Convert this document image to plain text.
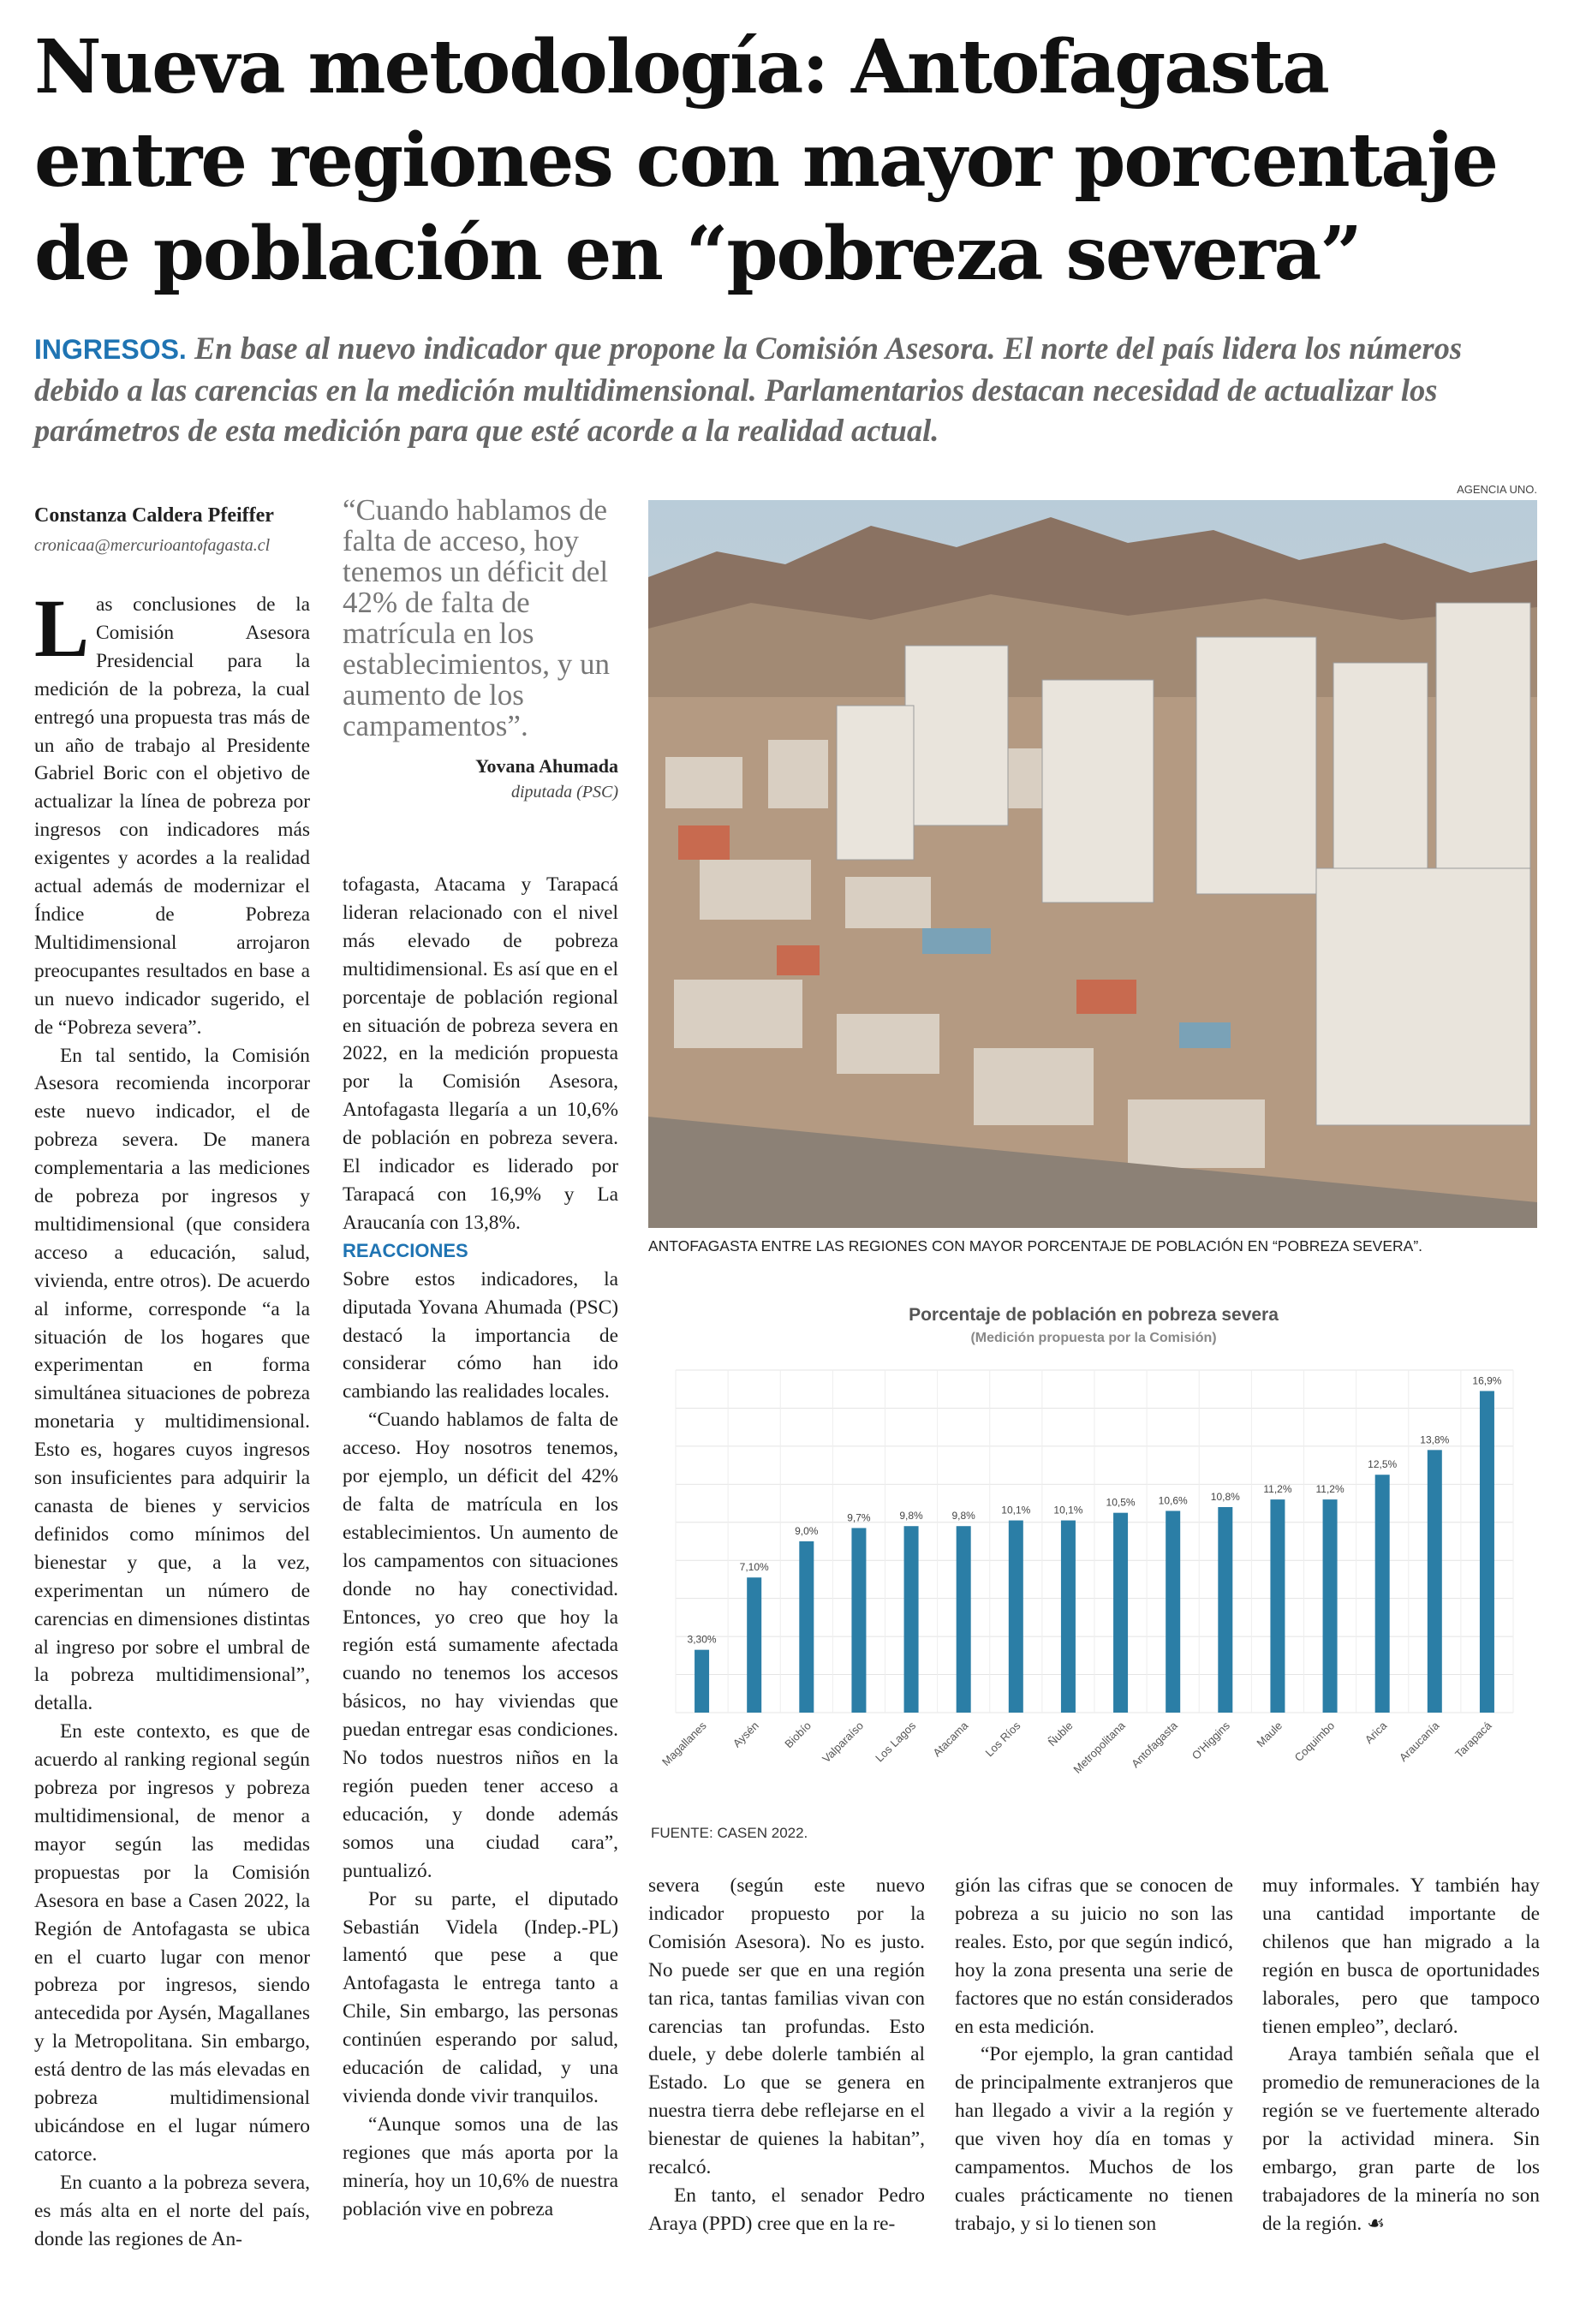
Nueva metodología: Antofagasta entre regiones con mayor porcentaje de población en “pobreza severa”

INGRESOS. En base al nuevo indicador que propone la Comisión Asesora. El norte del país lidera los números debido a las carencias en la medición multidimensional. Parlamentarios destacan necesidad de actualizar los parámetros de esta medición para que esté acorde a la realidad actual.

Constanza Caldera Pfeiffer
cronicaa@mercurioantofagasta.cl

Las conclusiones de la Comisión Asesora Presidencial para la medición de la pobreza, la cual entregó una propuesta tras más de un año de trabajo al Presidente Gabriel Boric con el objetivo de actualizar la línea de pobreza por ingresos con indicadores más exigentes y acordes a la realidad actual además de modernizar el Índice de Pobreza Multidimensional arrojaron preocupantes resultados en base a un nuevo indicador sugerido, el de “Pobreza severa”.

En tal sentido, la Comisión Asesora recomienda incorporar este nuevo indicador, el de pobreza severa. De manera complementaria a las mediciones de pobreza por ingresos y multidimensional (que considera acceso a educación, salud, vivienda, entre otros). De acuerdo al informe, corresponde “a la situación de los hogares que experimentan en forma simultánea situaciones de pobreza monetaria y multidimensional. Esto es, hogares cuyos ingresos son insuficientes para adquirir la canasta de bienes y servicios definidos como mínimos del bienestar y que, a la vez, experimentan un número de carencias en dimensiones distintas al ingreso por sobre el umbral de la pobreza multidimensional”, detalla.

En este contexto, es que de acuerdo al ranking regional según pobreza por ingresos y pobreza multidimensional, de menor a mayor según las medidas propuestas por la Comisión Asesora en base a Casen 2022, la Región de Antofagasta se ubica en el cuarto lugar con menor pobreza por ingresos, siendo antecedida por Aysén, Magallanes y la Metropolitana. Sin embargo, está dentro de las más elevadas en pobreza multidimensional ubicándose en el lugar número catorce.

En cuanto a la pobreza severa, es más alta en el norte del país, donde las regiones de An-

“Cuando hablamos de falta de acceso, hoy tenemos un déficit del 42% de falta de matrícula en los establecimientos, y un aumento de los campamentos”.

Yovana Ahumada
diputada (PSC)

tofagasta, Atacama y Tarapacá lideran relacionado con el nivel más elevado de pobreza multidimensional. Es así que en el porcentaje de población regional en situación de pobreza severa en 2022, en la medición propuesta por la Comisión Asesora, Antofagasta llegaría a un 10,6% de población en pobreza severa. El indicador es liderado por Tarapacá con 16,9% y La Araucanía con 13,8%.

REACCIONES

Sobre estos indicadores, la diputada Yovana Ahumada (PSC) destacó la importancia de considerar cómo han ido cambiando las realidades locales.

“Cuando hablamos de falta de acceso. Hoy nosotros tenemos, por ejemplo, un déficit del 42% de falta de matrícula en los establecimientos. Un aumento de los campamentos con situaciones donde no hay conectividad. Entonces, yo creo que hoy la región está sumamente afectada cuando no tenemos los accesos básicos, no hay viviendas que puedan entregar esas condiciones. No todos nuestros niños en la región pueden tener acceso a educación, y donde además somos una ciudad cara”, puntualizó.

Por su parte, el diputado Sebastián Videla (Indep.-PL) lamentó que pese a que Antofagasta le entrega tanto a Chile, Sin embargo, las personas continúen esperando por salud, educación de calidad, y una vivienda donde vivir tranquilos.

“Aunque somos una de las regiones que más aporta por la minería, hoy un 10,6% de nuestra población vive en pobreza

AGENCIA UNO.
ANTOFAGASTA ENTRE LAS REGIONES CON MAYOR PORCENTAJE DE POBLACIÓN EN “POBREZA SEVERA”.
Porcentaje de población en pobreza severa
(Medición propuesta por la Comisión)
3,30%
Magallanes
7,10%
Aysén
9,0%
Biobío
9,7%
Valparaíso
9,8%
Los Lagos
9,8%
Atacama
10,1%
Los Ríos
10,1%
Ñuble
10,5%
Metropolitana
10,6%
Antofagasta
10,8%
O'Higgins
11,2%
Maule
11,2%
Coquimbo
12,5%
Arica
13,8%
Araucanía
16,9%
Tarapacá
FUENTE: CASEN 2022.

severa (según este nuevo indicador propuesto por la Comisión Asesora). No es justo. No puede ser que en una región tan rica, tantas familias vivan con carencias tan profundas. Esto duele, y debe dolerle también al Estado. Lo que se genera en nuestra tierra debe reflejarse en el bienestar de quienes la habitan”, recalcó.

En tanto, el senador Pedro Araya (PPD) cree que en la re-

gión las cifras que se conocen de pobreza a su juicio no son las reales. Esto, por que según indicó, hoy la zona presenta una serie de factores que no están considerados en esta medición.

“Por ejemplo, la gran cantidad de principalmente extranjeros que han llegado a vivir a la región y que viven hoy día en tomas y campamentos. Muchos de los cuales prácticamente no tienen trabajo, y si lo tienen son

muy informales. Y también hay una cantidad importante de chilenos que han migrado a la región en busca de oportunidades laborales, pero que tampoco tienen empleo”, declaró.

Araya también señala que el promedio de remuneraciones de la región se ve fuertemente alterado por la actividad minera. Sin embargo, gran parte de los trabajadores de la minería no son de la región. ☙
